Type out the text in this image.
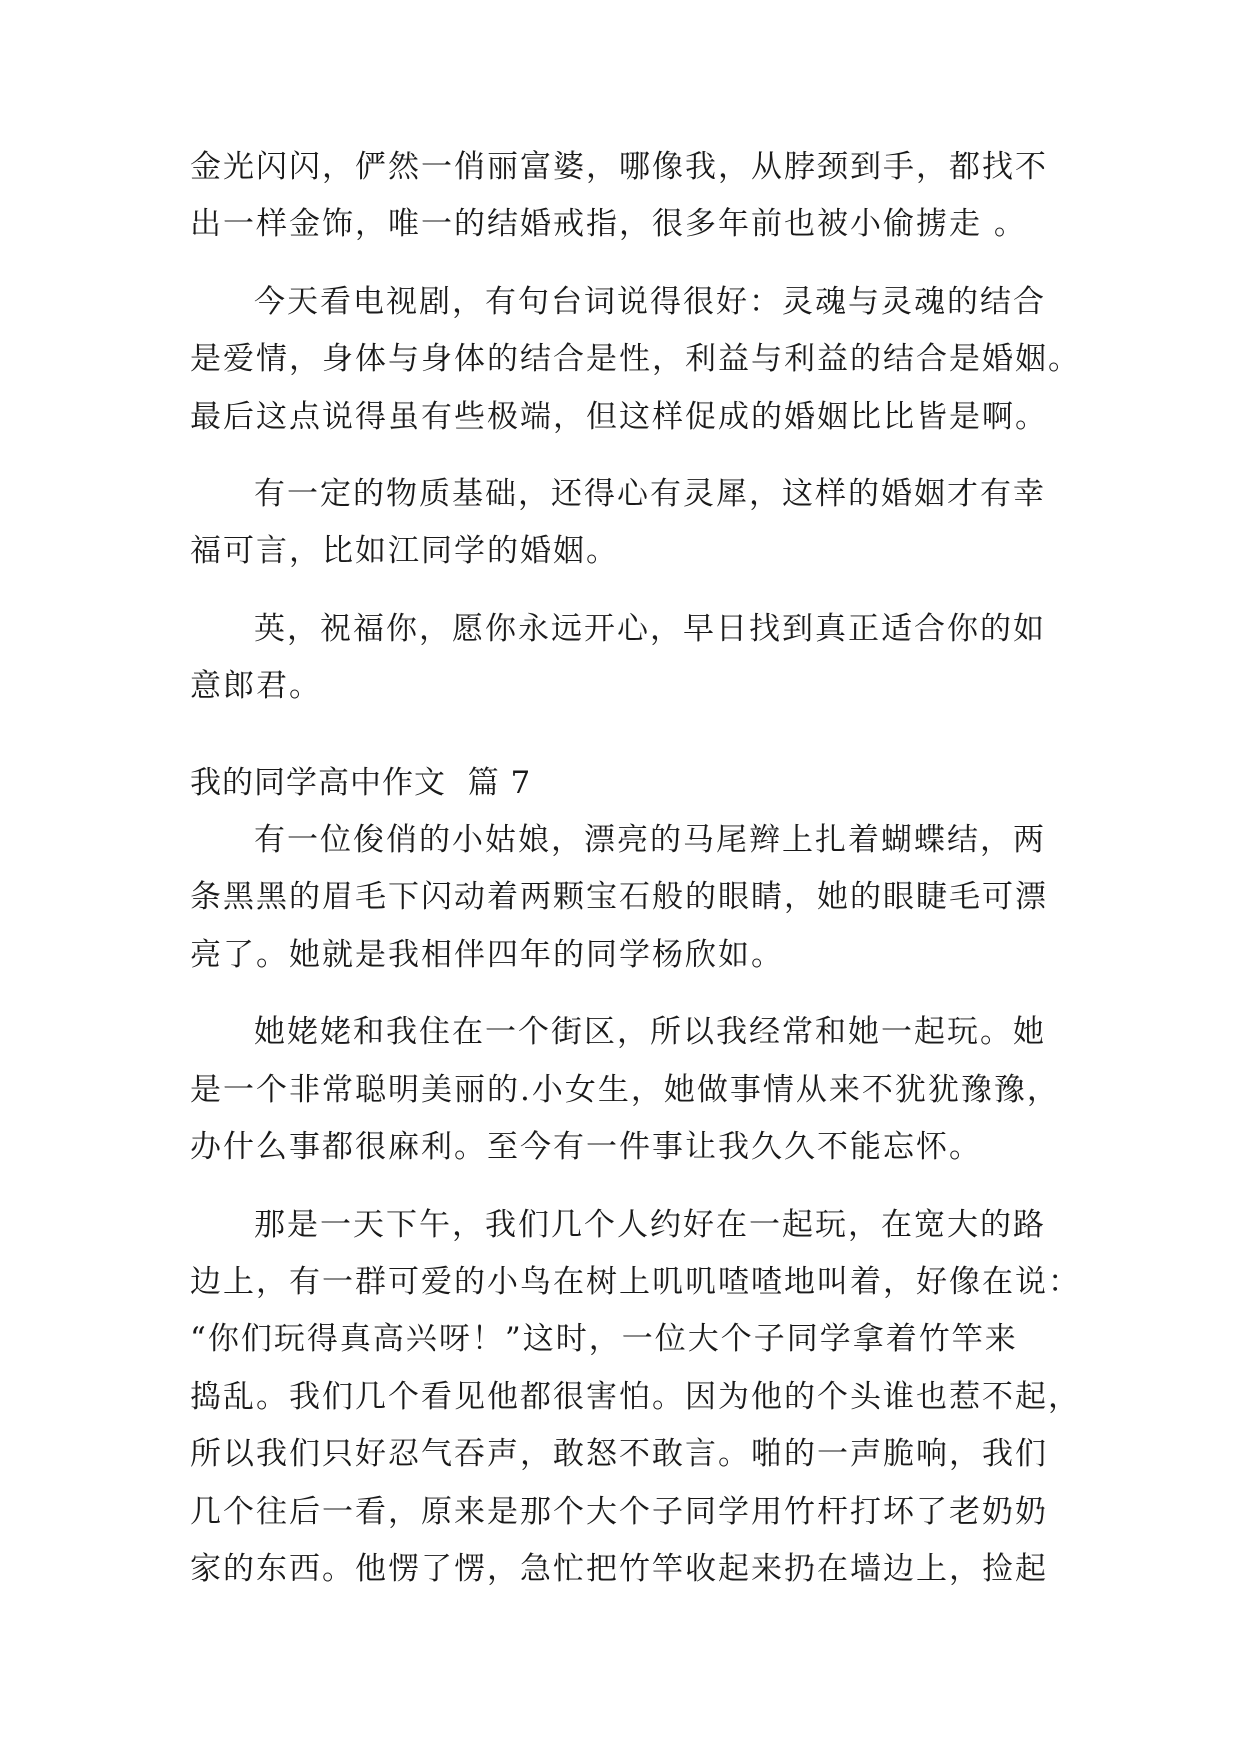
金光闪闪，俨然一俏丽富婆，哪像我，从脖颈到手，都找不
出一样金饰，唯一的结婚戒指，很多年前也被小偷掳走 。
今天看电视剧，有句台词说得很好：灵魂与灵魂的结合
是爱情，身体与身体的结合是性，利益与利益的结合是婚姻。
最后这点说得虽有些极端，但这样促成的婚姻比比皆是啊。
有一定的物质基础，还得心有灵犀，这样的婚姻才有幸
福可言，比如江同学的婚姻。
英，祝福你，愿你永远开心，早日找到真正适合你的如
意郎君。
我的同学高中作文  篇 7
有一位俊俏的小姑娘，漂亮的马尾辫上扎着蝴蝶结，两
条黑黑的眉毛下闪动着两颗宝石般的眼睛，她的眼睫毛可漂
亮了。她就是我相伴四年的同学杨欣如。
她姥姥和我住在一个街区，所以我经常和她一起玩。她
是一个非常聪明美丽的.小女生，她做事情从来不犹犹豫豫，
办什么事都很麻利。至今有一件事让我久久不能忘怀。
那是一天下午，我们几个人约好在一起玩，在宽大的路
边上，有一群可爱的小鸟在树上叽叽喳喳地叫着，好像在说：
“你们玩得真高兴呀！”这时，一位大个子同学拿着竹竿来
捣乱。我们几个看见他都很害怕。因为他的个头谁也惹不起，
所以我们只好忍气吞声，敢怒不敢言。啪的一声脆响，我们
几个往后一看，原来是那个大个子同学用竹杆打坏了老奶奶
家的东西。他愣了愣，急忙把竹竿收起来扔在墙边上，捡起
